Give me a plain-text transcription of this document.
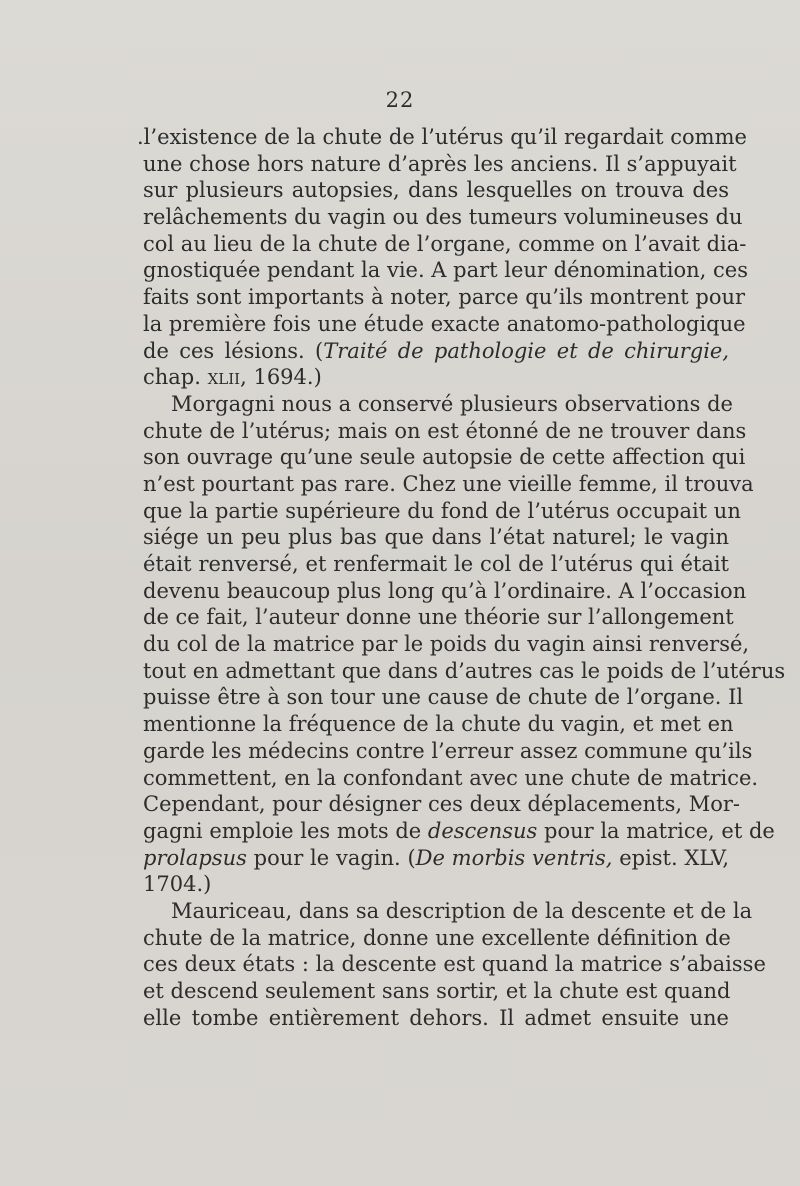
22
.l’existence de la chute de l’utérus qu’il regardait comme
une chose hors nature d’après les anciens. Il s’appuyait
sur plusieurs autopsies, dans lesquelles on trouva des
relâchements du vagin ou des tumeurs volumineuses du
col au lieu de la chute de l’organe, comme on l’avait dia-
gnostiquée pendant la vie. A part leur dénomination, ces
faits sont importants à noter, parce qu’ils montrent pour
la première fois une étude exacte anatomo-pathologique
de ces lésions. (Traité de pathologie et de chirurgie,
chap. xlii, 1694.)
Morgagni nous a conservé plusieurs observations de
chute de l’utérus; mais on est étonné de ne trouver dans
son ouvrage qu’une seule autopsie de cette affection qui
n’est pourtant pas rare. Chez une vieille femme, il trouva
que la partie supérieure du fond de l’utérus occupait un
siége un peu plus bas que dans l’état naturel; le vagin
était renversé, et renfermait le col de l’utérus qui était
devenu beaucoup plus long qu’à l’ordinaire. A l’occasion
de ce fait, l’auteur donne une théorie sur l’allongement
du col de la matrice par le poids du vagin ainsi renversé,
tout en admettant que dans d’autres cas le poids de l’utérus
puisse être à son tour une cause de chute de l’organe. Il
mentionne la fréquence de la chute du vagin, et met en
garde les médecins contre l’erreur assez commune qu’ils
commettent, en la confondant avec une chute de matrice.
Cependant, pour désigner ces deux déplacements, Mor-
gagni emploie les mots de descensus pour la matrice, et de
prolapsus pour le vagin. (De morbis ventris, epist. XLV,
1704.)
Mauriceau, dans sa description de la descente et de la
chute de la matrice, donne une excellente définition de
ces deux états : la descente est quand la matrice s’abaisse
et descend seulement sans sortir, et la chute est quand
elle tombe entièrement dehors. Il admet ensuite une
